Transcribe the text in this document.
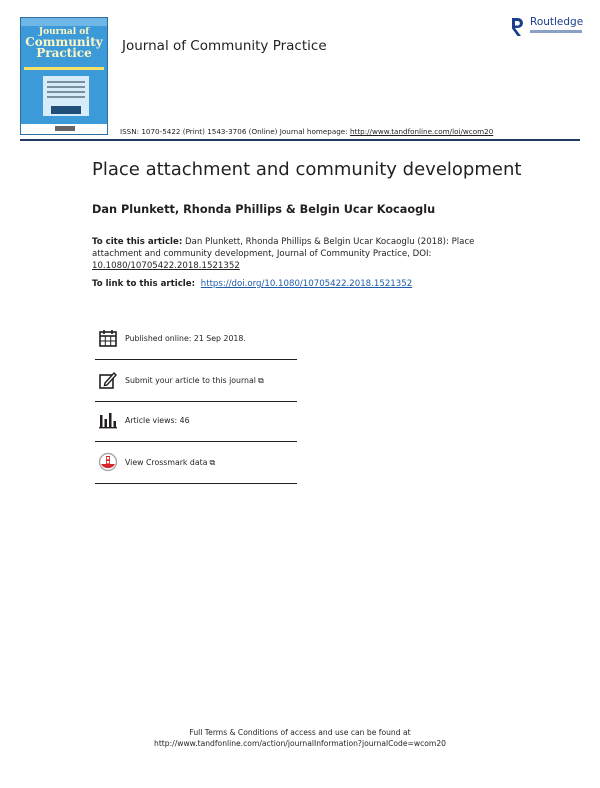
Journal of
Community
Practice	Journal of Community Practice
Routledge
ISSN: 1070-5422 (Print) 1543-3706 (Online) Journal homepage: http://www.tandfonline.com/loi/wcom20
Place attachment and community development
Dan Plunkett, Rhonda Phillips & Belgin Ucar Kocaoglu
To cite this article: Dan Plunkett, Rhonda Phillips & Belgin Ucar Kocaoglu (2018): Place attachment and community development, Journal of Community Practice, DOI: 10.1080/10705422.2018.1521352
To link to this article: https://doi.org/10.1080/10705422.2018.1521352
Published online: 21 Sep 2018.
Submit your article to this journal ⧉
Article views: 46
View Crossmark data ⧉
Full Terms & Conditions of access and use can be found at
http://www.tandfonline.com/action/journalInformation?journalCode=wcom20
